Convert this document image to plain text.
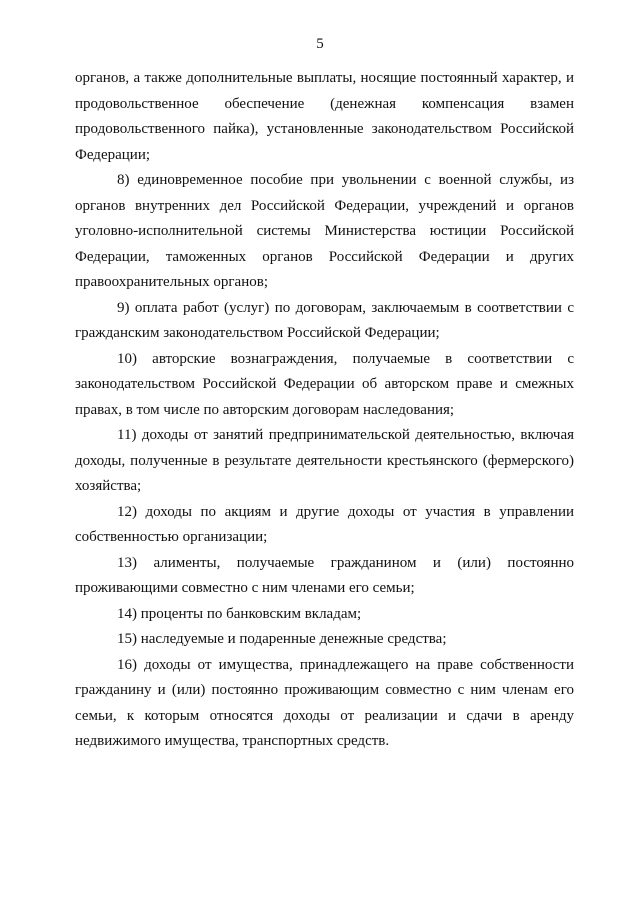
5

органов, а также дополнительные выплаты, носящие постоянный характер, и продовольственное обеспечение (денежная компенсация взамен продовольственного пайка), установленные законодательством Российской Федерации;

8) единовременное пособие при увольнении с военной службы, из органов внутренних дел Российской Федерации, учреждений и органов уголовно-исполнительной системы Министерства юстиции Российской Федерации, таможенных органов Российской Федерации и других правоохранительных органов;

9) оплата работ (услуг) по договорам, заключаемым в соответствии с гражданским законодательством Российской Федерации;

10) авторские вознаграждения, получаемые в соответствии с законодательством Российской Федерации об авторском праве и смежных правах, в том числе по авторским договорам наследования;

11) доходы от занятий предпринимательской деятельностью, включая доходы, полученные в результате деятельности крестьянского (фермерского) хозяйства;

12) доходы по акциям и другие доходы от участия в управлении собственностью организации;

13) алименты, получаемые гражданином и (или) постоянно проживающими совместно с ним членами его семьи;

14) проценты по банковским вкладам;

15) наследуемые и подаренные денежные средства;

16) доходы от имущества, принадлежащего на праве собственности гражданину и (или) постоянно проживающим совместно с ним членам его семьи, к которым относятся доходы от реализации и сдачи в аренду недвижимого имущества, транспортных средств.
